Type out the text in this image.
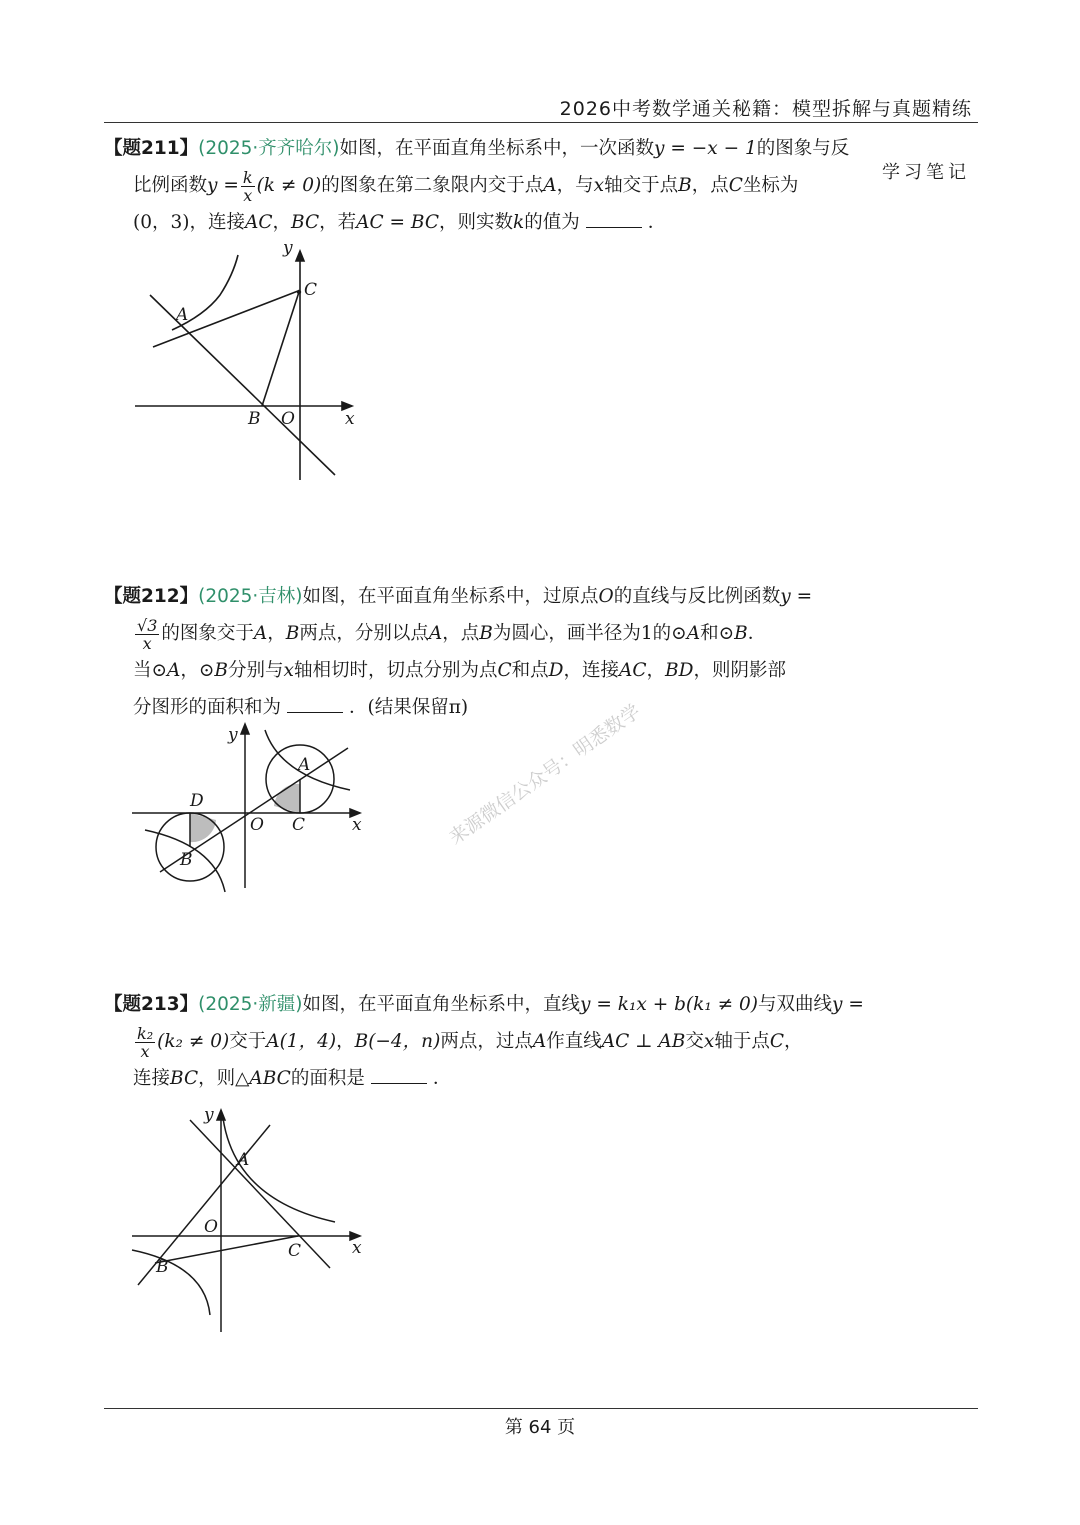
2026中考数学通关秘籍：模型拆解与真题精练
学习笔记
来源微信公众号：明悉数学
【题211】(2025·齐齐哈尔)如图，在平面直角坐标系中，一次函数y = −x − 1的图象与反
比例函数$y = \frac{k}{x} (k \ne 0)$的图象在第二象限内交于点A，与x轴交于点B，点C坐标为
(0，3)，连接AC，BC，若AC = BC，则实数k的值为	．
A
B
C
O	x
y
【题212】(2025·吉林)如图，在平面直角坐标系中，过原点O的直线与反比例函数y =
$\frac{√3}{x}$ 的图象交于A，B两点，分别以点A，点B为圆心，画半径为1的⊙A和⊙B．
当⊙A，⊙B分别与x轴相切时，切点分别为点C和点D，连接AC，BD，则阴影部
分图形的面积和为	．(结果保留π)
A
B
C
D
O	x
y
【题213】(2025·新疆)如图，在平面直角坐标系中，直线y = k₁x + b(k₁ ≠ 0)与双曲线y =
$\frac{\text{k₂}}{x} (k_2 \ne 0)$交于A(1，4)，B(−4，n)两点，过点A作直线AC ⊥ AB交x轴于点C，
连接BC，则△ABC的面积是	．
A
B
C
O
x
y
第 64 页
